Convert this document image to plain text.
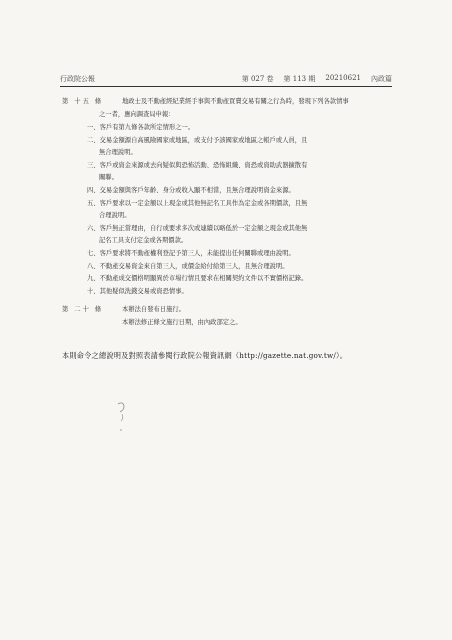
行政院公報	第 027 卷 第 113 期 20210621 內政篇
第 十五 條	地政士及不動產經紀業經手事與不動產買賣交易有關之行為時，發現下列各款情事
之一者，應向調查局申報：
一、客戶有第九條各款所定情形之一。
二、交易金額源自高風險國家或地區，或支付予該國家或地區之帳戶或人員，且
無合理說明。
三、客戶或資金來源或去向疑似與恐怖活動、恐怖組織、資恐或資助武器擴散有
關聯。
四、交易金額與客戶年齡、身分或收入顯不相當，且無合理說明資金來源。
五、客戶要求以一定金額以上現金或其他無記名工具作為定金或各期價款，且無
合理說明。
六、客戶無正當理由，自行或要求多次或連續以略低於一定金額之現金或其他無
記名工具支付定金或各期價款。
七、客戶要求將不動產權利登記予第三人，未能提出任何關聯或理由說明。
八、不動產交易資金來自第三人，或價金給付給第三人，且無合理說明。
九、不動產成交價格明顯異於市場行情且要求在相關契約文件以不實價格記錄。
十、其他疑似洗錢交易或資恐情事。
第 二十 條	本辦法自發布日施行。
本辦法修正條文施行日期，由內政部定之。
本則命令之總說明及對照表請參閱行政院公報資訊網（http://gazette.nat.gov.tw/）。
